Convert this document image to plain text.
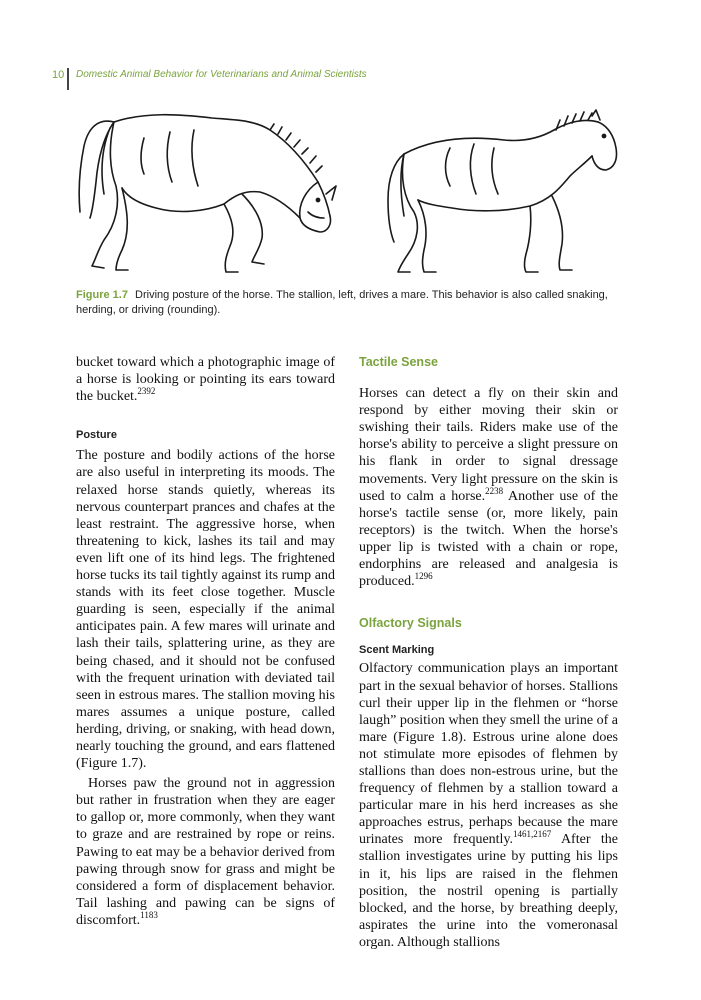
10 Domestic Animal Behavior for Veterinarians and Animal Scientists
Figure 1.7 Driving posture of the horse. The stallion, left, drives a mare. This behavior is also called snaking, herding, or driving (rounding).

bucket toward which a photographic image of a horse is looking or pointing its ears toward the bucket.$^{2392}$

Posture

The posture and bodily actions of the horse are also useful in interpreting its moods. The relaxed horse stands quietly, whereas its nervous counterpart prances and chafes at the least restraint. The aggressive horse, when threatening to kick, lashes its tail and may even lift one of its hind legs. The frightened horse tucks its tail tightly against its rump and stands with its feet close together. Muscle guarding is seen, especially if the animal anticipates pain. A few mares will urinate and lash their tails, splattering urine, as they are being chased, and it should not be confused with the frequent urination with deviated tail seen in estrous mares. The stallion moving his mares assumes a unique posture, called herding, driving, or snaking, with head down, nearly touching the ground, and ears flattened (Figure 1.7).

Horses paw the ground not in aggression but rather in frustration when they are eager to gallop or, more commonly, when they want to graze and are restrained by rope or reins. Pawing to eat may be a behavior derived from pawing through snow for grass and might be considered a form of displacement behavior. Tail lashing and pawing can be signs of discomfort.$^{1183}$

Tactile Sense

Horses can detect a fly on their skin and respond by either moving their skin or swishing their tails. Riders make use of the horse's ability to perceive a slight pressure on his flank in order to signal dressage movements. Very light pressure on the skin is used to calm a horse.$^{2238}$ Another use of the horse's tactile sense (or, more likely, pain receptors) is the twitch. When the horse's upper lip is twisted with a chain or rope, endorphins are released and analgesia is produced.$^{1296}$

Olfactory Signals

Scent Marking

Olfactory communication plays an important part in the sexual behavior of horses. Stallions curl their upper lip in the flehmen or “horse laugh” position when they smell the urine of a mare (Figure 1.8). Estrous urine alone does not stimulate more episodes of flehmen by stallions than does non-estrous urine, but the frequency of flehmen by a stallion toward a particular mare in his herd increases as she approaches estrus, perhaps because the mare urinates more frequently.$^{1461,2167}$ After the stallion investigates urine by putting his lips in it, his lips are raised in the flehmen position, the nostril opening is partially blocked, and the horse, by breathing deeply, aspirates the urine into the vomeronasal organ. Although stallions
